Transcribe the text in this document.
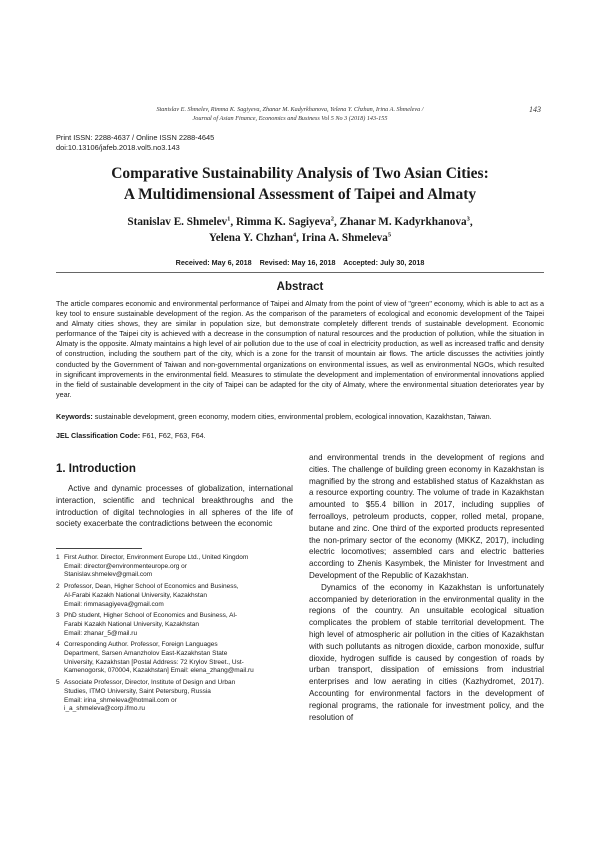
Stanislav E. Shmelev, Rimma K. Sagiyeva, Zhanar M. Kadyrkhanova, Yelena Y. Chzhan, Irina A. Shmeleva /
Journal of Asian Finance, Economics and Business Vol 5 No 3 (2018) 143-155
143
Print ISSN: 2288-4637 / Online ISSN 2288-4645
doi:10.13106/jafeb.2018.vol5.no3.143
Comparative Sustainability Analysis of Two Asian Cities:
A Multidimensional Assessment of Taipei and Almaty
Stanislav E. Shmelev$^1$, Rimma K. Sagiyeva$^2$, Zhanar M. Kadyrkhanova$^3$,
Yelena Y. Chzhan$^4$, Irina A. Shmeleva$^5$
Received: May 6, 2018    Revised: May 16, 2018    Accepted: July 30, 2018
Abstract
The article compares economic and environmental performance of Taipei and Almaty from the point of view of "green" economy, which is able to act as a key tool to ensure sustainable development of the region. As the comparison of the parameters of ecological and economic development of the Taipei and Almaty cities shows, they are similar in population size, but demonstrate completely different trends of sustainable development. Economic performance of the Taipei city is achieved with a decrease in the consumption of natural resources and the production of pollution, while the situation in Almaty is the opposite. Almaty maintains a high level of air pollution due to the use of coal in electricity production, as well as increased traffic and density of construction, including the southern part of the city, which is a zone for the transit of mountain air flows. The article discusses the activities jointly conducted by the Government of Taiwan and non-governmental organizations on environmental issues, as well as environmental NGOs, which resulted in significant improvements in the environmental field. Measures to stimulate the development and implementation of environmental innovations applied in the field of sustainable development in the city of Taipei can be adapted for the city of Almaty, where the environmental situation deteriorates year by year.
Keywords: sustainable development, green economy, modern cities, environmental problem, ecological innovation, Kazakhstan, Taiwan.
JEL Classification Code: F61, F62, F63, F64.
1. Introduction

Active and dynamic processes of globalization, international interaction, scientific and technical breakthroughs and the introduction of digital technologies in all spheres of the life of society exacerbate the contradictions between the economic

and environmental trends in the development of regions and cities. The challenge of building green economy in Kazakhstan is magnified by the strong and established status of Kazakhstan as a resource exporting country. The volume of trade in Kazakhstan amounted to $55.4 billion in 2017, including supplies of ferroalloys, petroleum products, copper, rolled metal, propane, butane and zinc. One third of the exported products represented the non-primary sector of the economy (MKKZ, 2017), including electric locomotives; assembled cars and electric batteries according to Zhenis Kasymbek, the Minister for Investment and Development of the Republic of Kazakhstan.

Dynamics of the economy in Kazakhstan is unfortunately accompanied by deterioration in the environmental quality in the regions of the country. An unsuitable ecological situation complicates the problem of stable territorial development. The high level of atmospheric air pollution in the cities of Kazakhstan with such pollutants as nitrogen dioxide, carbon monoxide, sulfur dioxide, hydrogen sulfide is caused by congestion of roads by urban transport, dissipation of emissions from industrial enterprises and low aerating in cities (Kazhydromet, 2017). Accounting for environmental factors in the development of regional programs, the rationale for investment policy, and the resolution of

1 First Author. Director, Environment Europe Ltd., United Kingdom
Email: director@environmenteurope.org or
Stanislav.shmelev@gmail.com
2 Professor, Dean, Higher School of Economics and Business,
Al-Farabi Kazakh National University, Kazakhstan
Email: rimmasagiyeva@gmail.com
3 PhD student, Higher School of Economics and Business, Al-
Farabi Kazakh National University, Kazakhstan
Email: zhanar_5@mail.ru
4 Corresponding Author. Professor, Foreign Languages
Department, Sarsen Amanzholov East-Kazakhstan State
University, Kazakhstan [Postal Address: 72 Krylov Street., Ust-
Kamenogorsk, 070004, Kazakhstan] Email: elena_zhang@mail.ru
5 Associate Professor, Director, Institute of Design and Urban
Studies, ITMO University, Saint Petersburg, Russia
Email: irina_shmeleva@hotmail.com or
i_a_shmeleva@corp.ifmo.ru
